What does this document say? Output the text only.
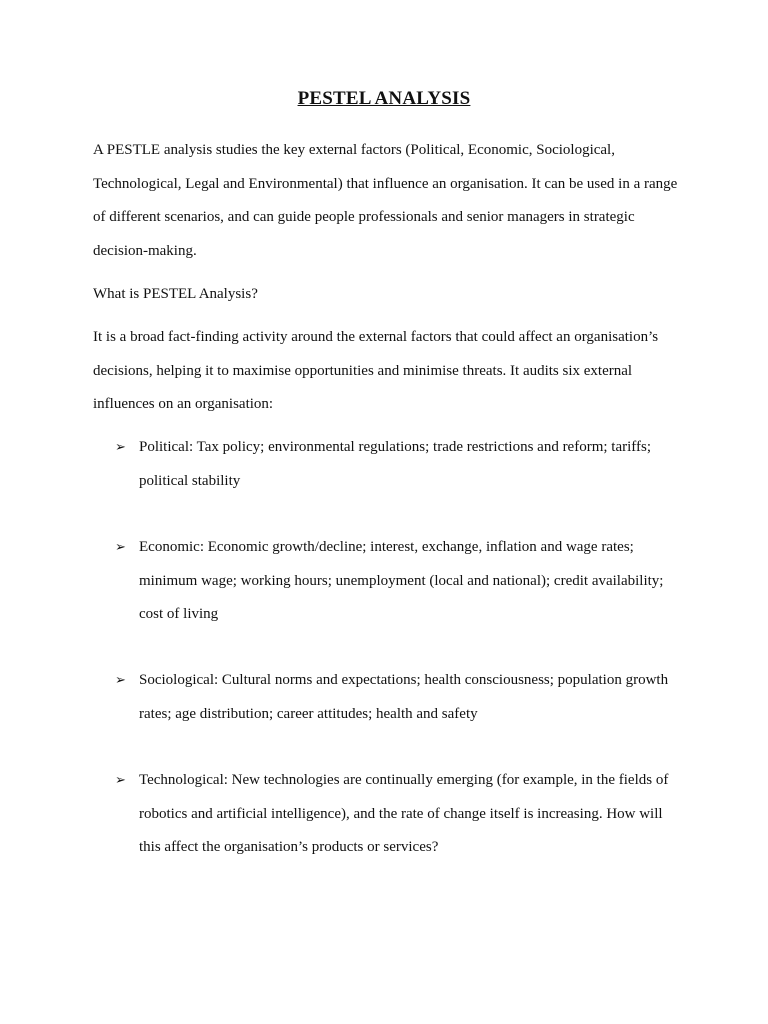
PESTEL ANALYSIS

A PESTLE analysis studies the key external factors (Political, Economic, Sociological, Technological, Legal and Environmental) that influence an organisation. It can be used in a range of different scenarios, and can guide people professionals and senior managers in strategic decision-making.

What is PESTEL Analysis?

It is a broad fact-finding activity around the external factors that could affect an organisation’s decisions, helping it to maximise opportunities and minimise threats. It audits six external influences on an organisation:

➢ Political: Tax policy; environmental regulations; trade restrictions and reform; tariffs; political stability

➢ Economic: Economic growth/decline; interest, exchange, inflation and wage rates; minimum wage; working hours; unemployment (local and national); credit availability; cost of living

➢ Sociological: Cultural norms and expectations; health consciousness; population growth rates; age distribution; career attitudes; health and safety

➢ Technological: New technologies are continually emerging (for example, in the fields of robotics and artificial intelligence), and the rate of change itself is increasing. How will this affect the organisation’s products or services?
